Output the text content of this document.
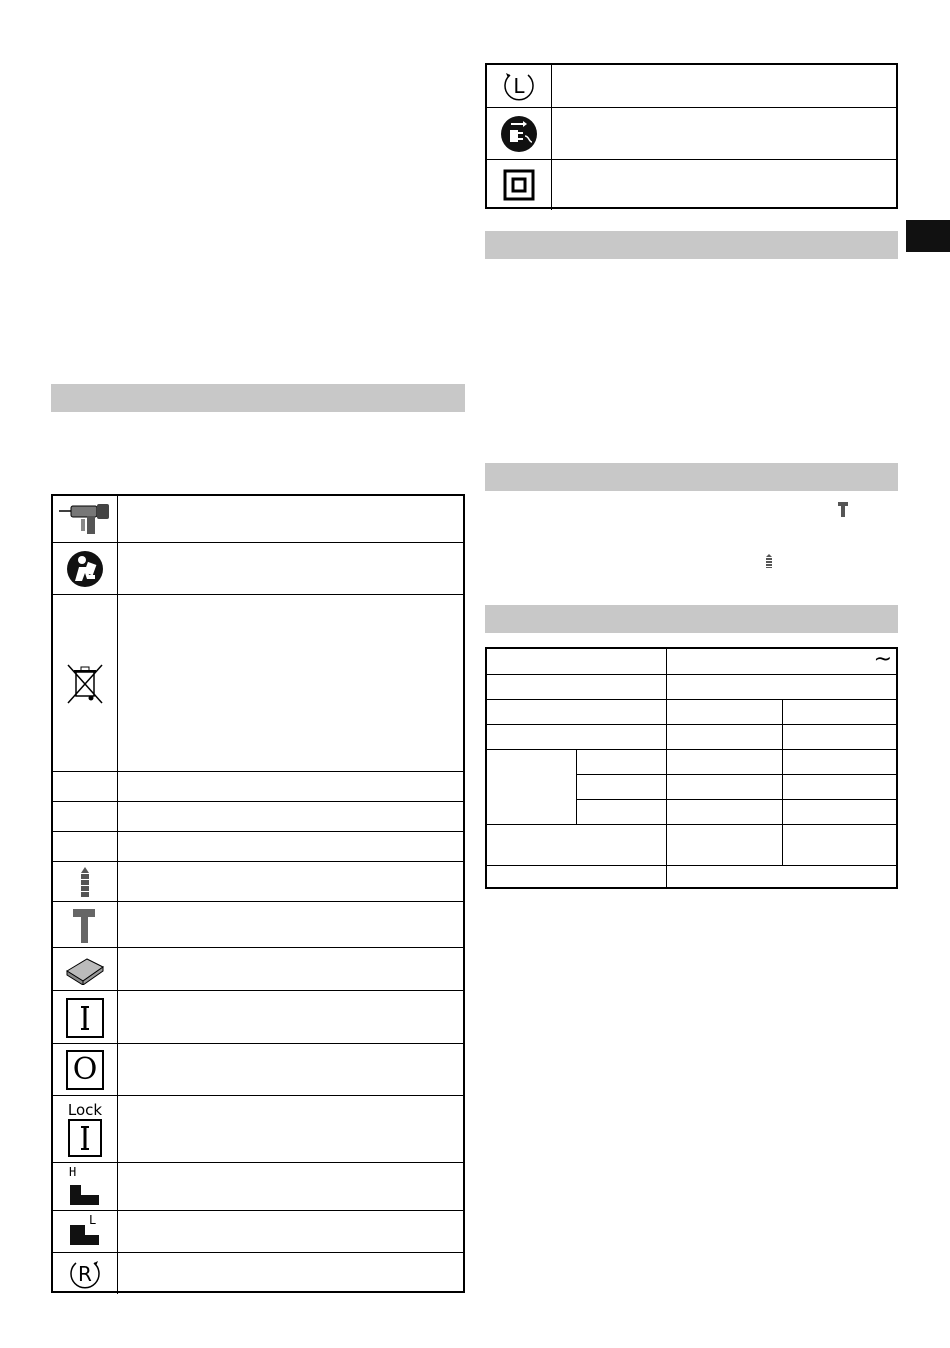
O
Lock
H
L
R
L
~
